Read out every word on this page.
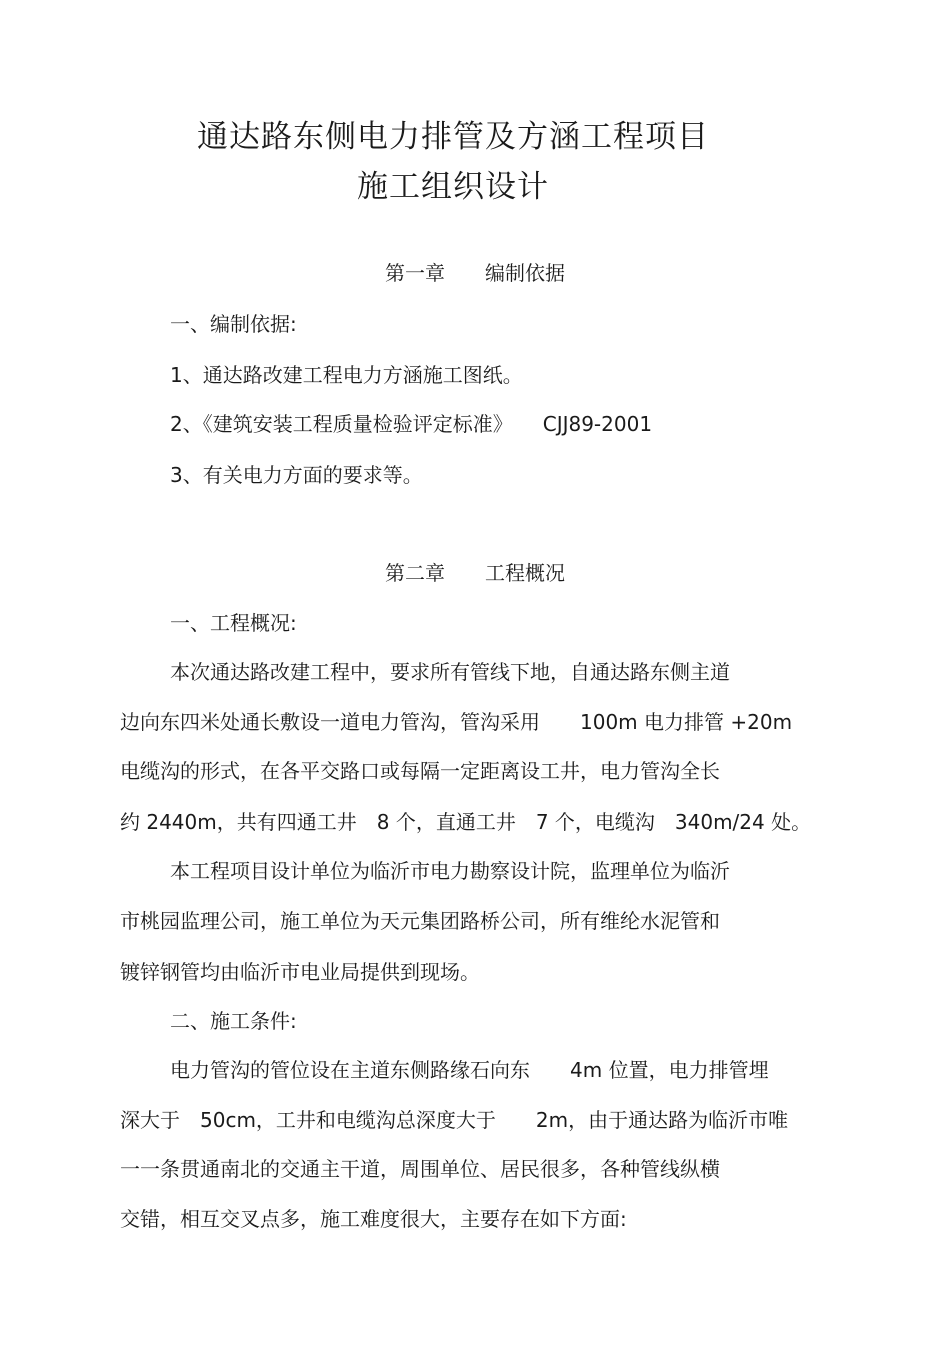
通达路东侧电力排管及方涵工程项目
施工组织设计
第一章　　编制依据
一、编制依据:
1、通达路改建工程电力方涵施工图纸。
2、《建筑安装工程质量检验评定标准》　　CJJ89-2001
3、有关电力方面的要求等。
第二章　　工程概况
一、工程概况:
本次通达路改建工程中，要求所有管线下地，自通达路东侧主道
边向东四米处通长敷设一道电力管沟，管沟采用　　100m 电力排管 +20m
电缆沟的形式，在各平交路口或每隔一定距离设工井，电力管沟全长
约 2440m，共有四通工井　8 个，直通工井　7 个，电缆沟　340m/24 处。
本工程项目设计单位为临沂市电力勘察设计院，监理单位为临沂
市桃园监理公司，施工单位为天元集团路桥公司，所有维纶水泥管和
镀锌钢管均由临沂市电业局提供到现场。
二、施工条件:
电力管沟的管位设在主道东侧路缘石向东　　4m 位置，电力排管埋
深大于　50cm，工井和电缆沟总深度大于　　2m，由于通达路为临沂市唯
一一条贯通南北的交通主干道，周围单位、居民很多，各种管线纵横
交错，相互交叉点多，施工难度很大，主要存在如下方面:
